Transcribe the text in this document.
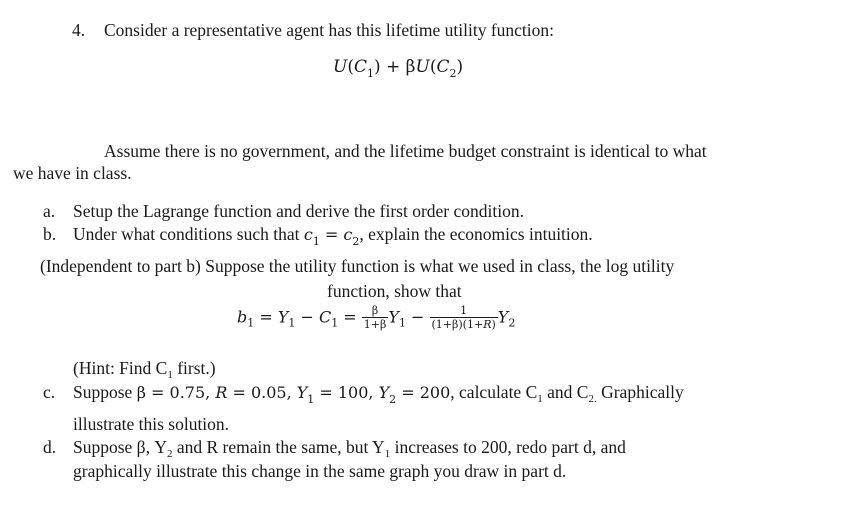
4. Consider a representative agent has this lifetime utility function:
$U(C_1) + \beta U(C_2)$
Assume there is no government, and the lifetime budget constraint is identical to what
we have in class.
a. Setup the Lagrange function and derive the first order condition.
b. Under what conditions such that $c_1 = c_2$, explain the economics intuition.
(Independent to part b) Suppose the utility function is what we used in class, the log utility
function, show that
$b_1 = Y_1 - C_1 = \frac{\beta}{1+\beta} Y_1 - \frac{1}{(1+\beta)(1+R)} Y_2$
(Hint: Find $C_1$ first.)
c. Suppose β = 0.75, R = 0.05, $Y_1 = 100$, $Y_2 = 200$, calculate $C_1$ and $C_{2.}$ Graphically
illustrate this solution.
d. Suppose β, $Y_2$ and R remain the same, but $Y_1$ increases to 200, redo part d, and
graphically illustrate this change in the same graph you draw in part d.
